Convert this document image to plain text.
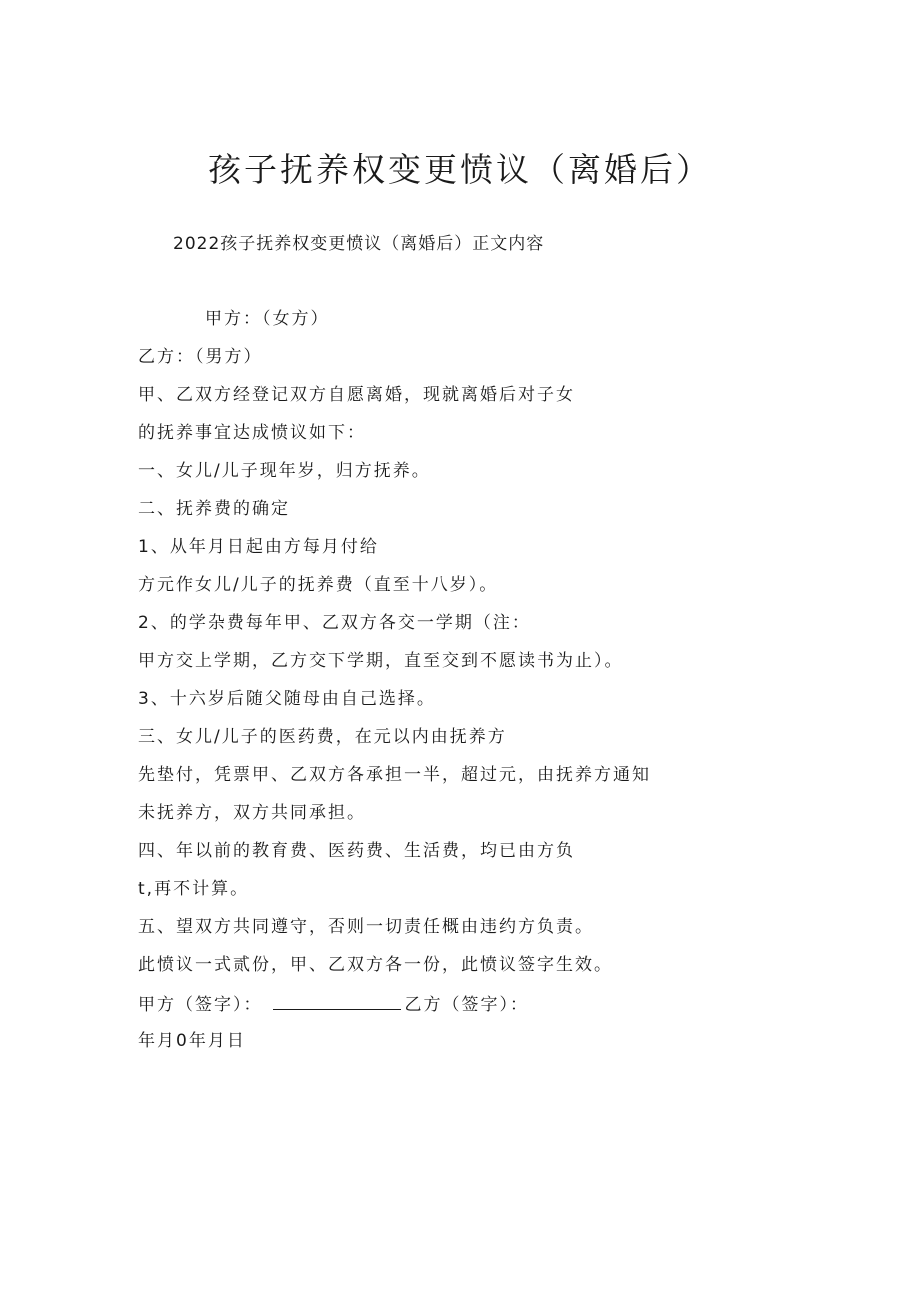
孩子抚养权变更愤议（离婚后）
2022孩子抚养权变更愤议（离婚后）正文内容
甲方：（女方）
乙方：（男方）
甲、乙双方经登记双方自愿离婚，现就离婚后对子女
的抚养事宜达成愤议如下：
一、女儿/儿子现年岁，归方抚养。
二、抚养费的确定
1、从年月日起由方每月付给
方元作女儿/儿子的抚养费（直至十八岁）。
2、的学杂费每年甲、乙双方各交一学期（注：
甲方交上学期，乙方交下学期，直至交到不愿读书为止）。
3、十六岁后随父随母由自己选择。
三、女儿/儿子的医药费，在元以内由抚养方
先垫付，凭票甲、乙双方各承担一半，超过元，由抚养方通知
未抚养方，双方共同承担。
四、年以前的教育费、医药费、生活费，均已由方负
t,再不计算。
五、望双方共同遵守，否则一切责任概由违约方负责。
此愤议一式贰份，甲、乙双方各一份，此愤议签字生效。
甲方（签字）：	乙方（签字）：
年月0年月日
